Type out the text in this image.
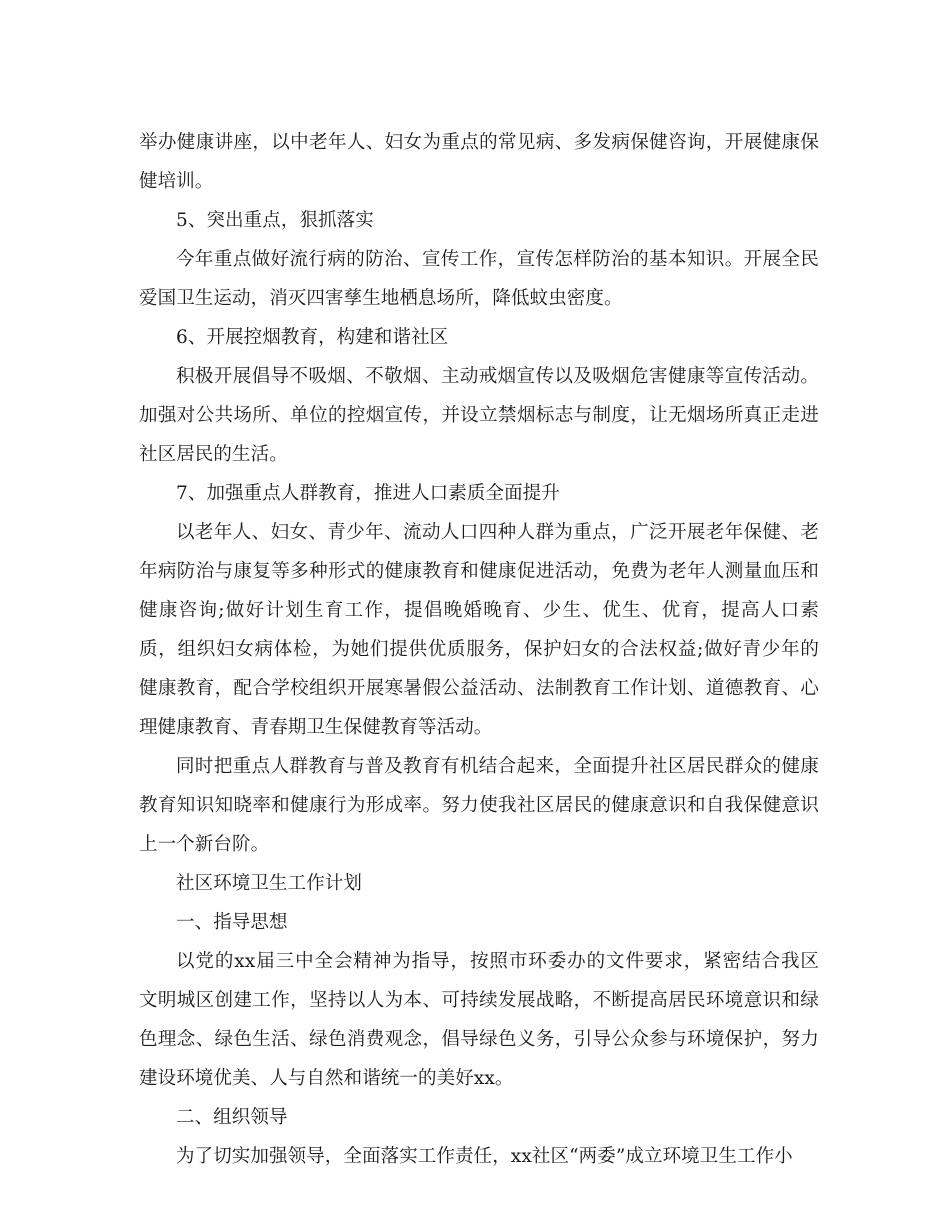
举办健康讲座，以中老年人、妇女为重点的常见病、多发病保健咨询，开展健康保
健培训。
5、突出重点，狠抓落实
今年重点做好流行病的防治、宣传工作，宣传怎样防治的基本知识。开展全民
爱国卫生运动，消灭四害孳生地栖息场所，降低蚊虫密度。
6、开展控烟教育，构建和谐社区
积极开展倡导不吸烟、不敬烟、主动戒烟宣传以及吸烟危害健康等宣传活动。
加强对公共场所、单位的控烟宣传，并设立禁烟标志与制度，让无烟场所真正走进
社区居民的生活。
7、加强重点人群教育，推进人口素质全面提升
以老年人、妇女、青少年、流动人口四种人群为重点，广泛开展老年保健、老
年病防治与康复等多种形式的健康教育和健康促进活动，免费为老年人测量血压和
健康咨询;做好计划生育工作，提倡晚婚晚育、少生、优生、优育，提高人口素
质，组织妇女病体检，为她们提供优质服务，保护妇女的合法权益;做好青少年的
健康教育，配合学校组织开展寒暑假公益活动、法制教育工作计划、道德教育、心
理健康教育、青春期卫生保健教育等活动。
同时把重点人群教育与普及教育有机结合起来，全面提升社区居民群众的健康
教育知识知晓率和健康行为形成率。努力使我社区居民的健康意识和自我保健意识
上一个新台阶。
社区环境卫生工作计划
一、指导思想
以党的xx届三中全会精神为指导，按照市环委办的文件要求，紧密结合我区
文明城区创建工作，坚持以人为本、可持续发展战略，不断提高居民环境意识和绿
色理念、绿色生活、绿色消费观念，倡导绿色义务，引导公众参与环境保护，努力
建设环境优美、人与自然和谐统一的美好xx。
二、组织领导
为了切实加强领导，全面落实工作责任，xx社区“两委”成立环境卫生工作小
